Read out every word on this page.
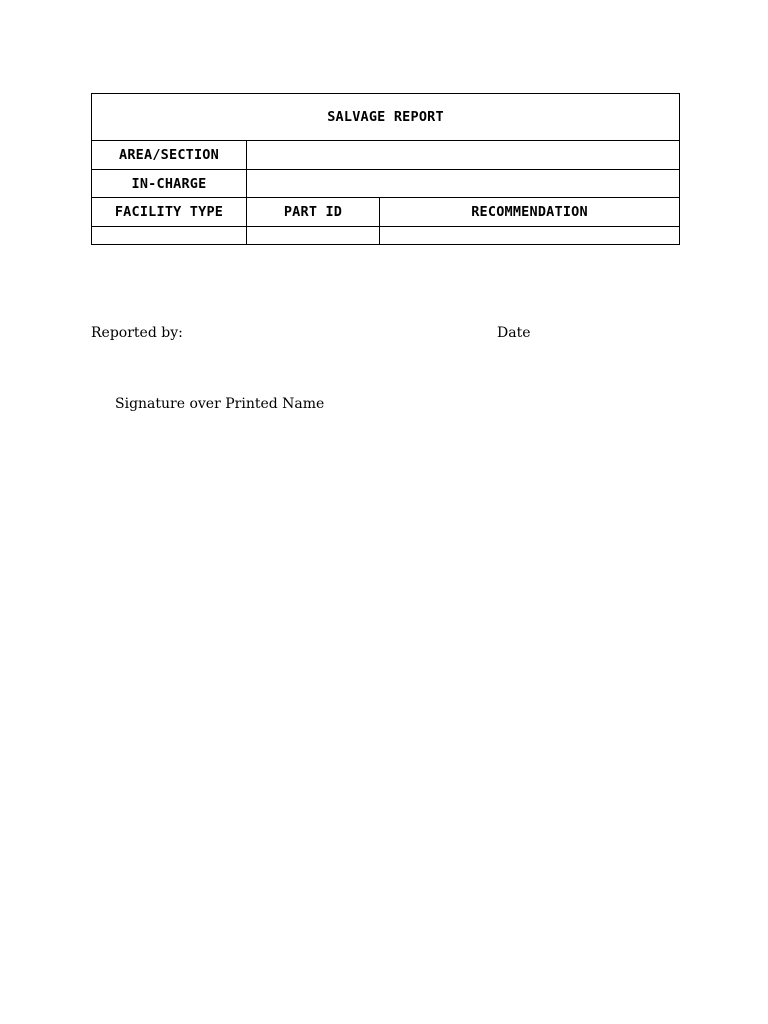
SALVAGE REPORT		
AREA/SECTION		
IN-CHARGE		
FACILITY TYPE	PART ID	RECOMMENDATION

Reported by:	Date
Signature over Printed Name
